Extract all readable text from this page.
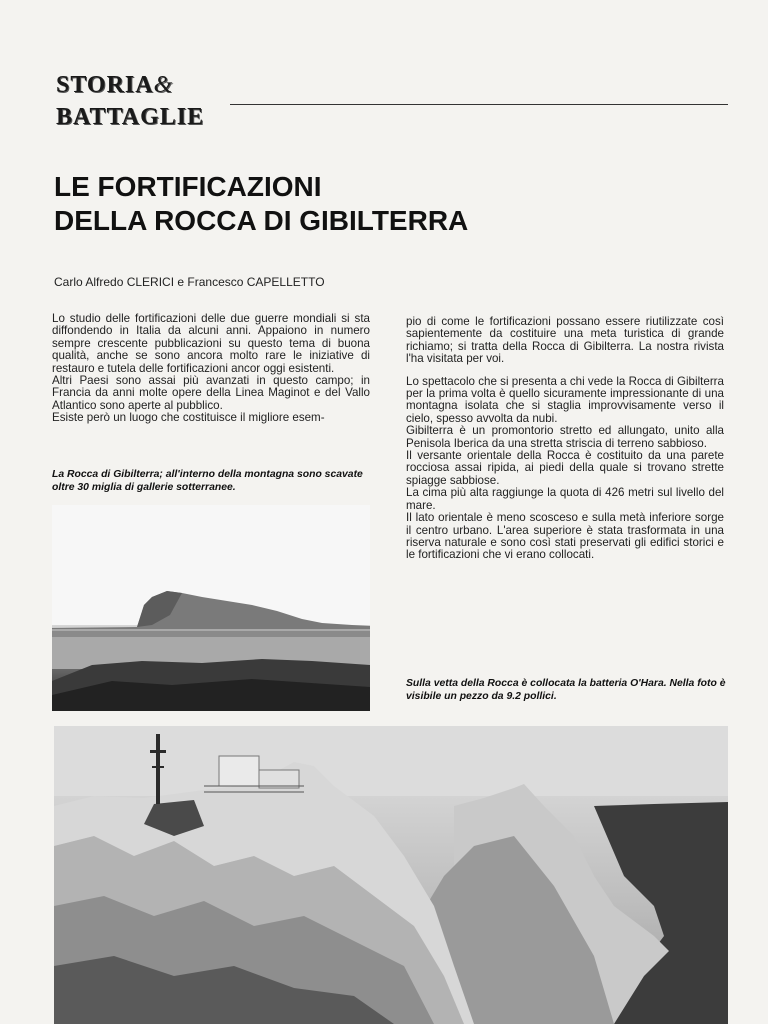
STORIA&
BATTAGLIE
LE FORTIFICAZIONI
DELLA ROCCA DI GIBILTERRA
Carlo Alfredo CLERICI e Francesco CAPELLETTO

Lo studio delle fortificazioni delle due guerre mondiali si sta diffondendo in Italia da alcuni anni. Appaiono in numero sempre crescente pubblicazioni su questo tema di buona qualità, anche se sono ancora molto rare le iniziative di restauro e tutela delle fortificazioni ancor oggi esistenti.

Altri Paesi sono assai più avanzati in questo campo; in Francia da anni molte opere della Linea Maginot e del Vallo Atlantico sono aperte al pubblico.

Esiste però un luogo che costituisce il migliore esem-

La Rocca di Gibilterra; all'interno della montagna sono scavate oltre 30 miglia di gallerie sotterranee.

pio di come le fortificazioni possano essere riutilizzate così sapientemente da costituire una meta turistica di grande richiamo; si tratta della Rocca di Gibilterra. La nostra rivista l'ha visitata per voi.

Lo spettacolo che si presenta a chi vede la Rocca di Gibilterra per la prima volta è quello sicuramente impressionante di una montagna isolata che si staglia improvvisamente verso il cielo, spesso avvolta da nubi.

Gibilterra è un promontorio stretto ed allungato, unito alla Penisola Iberica da una stretta striscia di terreno sabbioso.

Il versante orientale della Rocca è costituito da una parete rocciosa assai ripida, ai piedi della quale si trovano strette spiagge sabbiose.

La cima più alta raggiunge la quota di 426 metri sul livello del mare.

Il lato orientale è meno scosceso e sulla metà inferiore sorge il centro urbano. L'area superiore è stata trasformata in una riserva naturale e sono così stati preservati gli edifici storici e le fortificazioni che vi erano collocati.

Sulla vetta della Rocca è collocata la batteria O'Hara. Nella foto è visibile un pezzo da 9.2 pollici.
